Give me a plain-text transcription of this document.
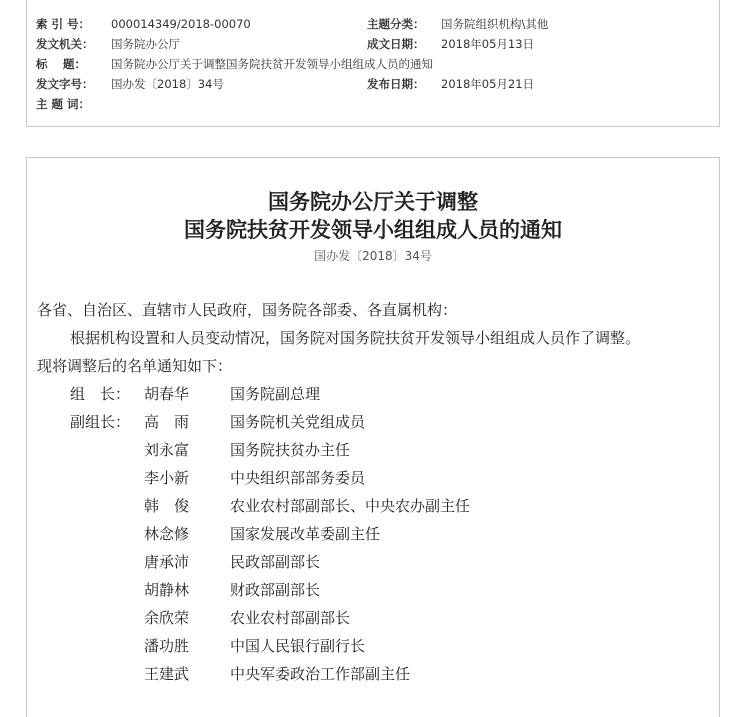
索 引 号： 000014349/2018-00070	主题分类： 国务院组织机构\其他
发文机关： 国务院办公厅	成文日期： 2018年05月13日
标　 题： 国务院办公厅关于调整国务院扶贫开发领导小组组成人员的通知
发文字号： 国办发〔2018〕34号	发布日期： 2018年05月21日
主 题 词：
国务院办公厅关于调整
国务院扶贫开发领导小组组成人员的通知
国办发〔2018〕34号
各省、自治区、直辖市人民政府，国务院各部委、各直属机构：
根据机构设置和人员变动情况，国务院对国务院扶贫开发领导小组组成人员作了调整。
现将调整后的名单通知如下：
组　长： 胡春华	国务院副总理
副组长： 高　雨	国务院机关党组成员
刘永富	国务院扶贫办主任
李小新	中央组织部部务委员
韩　俊	农业农村部副部长、中央农办副主任
林念修	国家发展改革委副主任
唐承沛	民政部副部长
胡静林	财政部副部长
余欣荣	农业农村部副部长
潘功胜	中国人民银行副行长
王建武	中央军委政治工作部副主任
